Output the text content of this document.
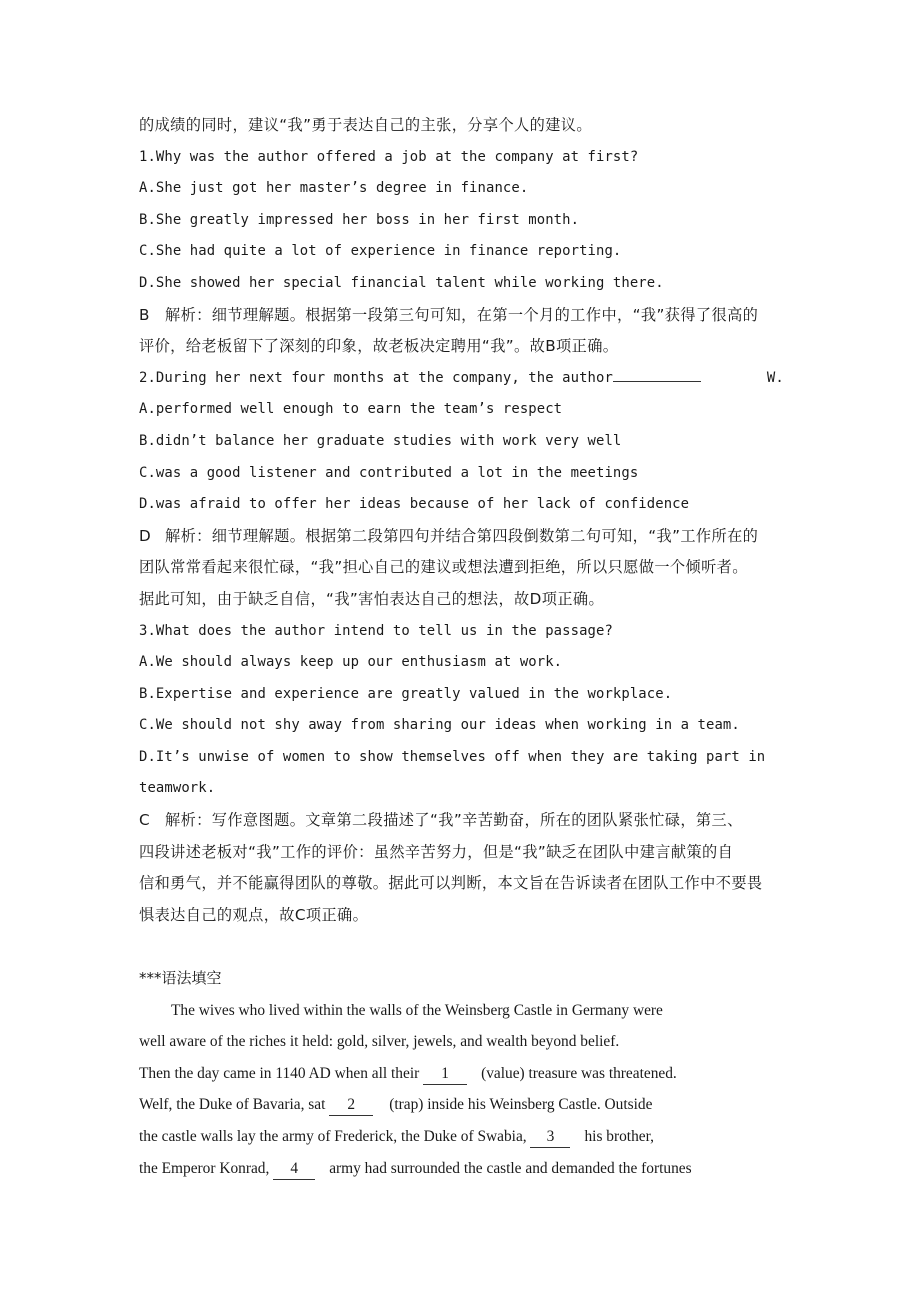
的成绩的同时，建议“我”勇于表达自己的主张，分享个人的建议。
1.Why was the author offered a job at the company at first?
A.She just got her master’s degree in finance.
B.She greatly impressed her boss in her first month.
C.She had quite a lot of experience in finance reporting.
D.She showed her special financial talent while working there.
B 解析：细节理解题。根据第一段第三句可知，在第一个月的工作中，“我”获得了很高的
评价，给老板留下了深刻的印象，故老板决定聘用“我”。故B项正确。
2.During her next four months at the company, the author	W.
A.performed well enough to earn the team’s respect
B.didn’t balance her graduate studies with work very well
C.was a good listener and contributed a lot in the meetings
D.was afraid to offer her ideas because of her lack of confidence
D 解析：细节理解题。根据第二段第四句并结合第四段倒数第二句可知，“我”工作所在的
团队常常看起来很忙碌，“我”担心自己的建议或想法遭到拒绝，所以只愿做一个倾听者。
据此可知，由于缺乏自信，“我”害怕表达自己的想法，故D项正确。
3.What does the author intend to tell us in the passage?
A.We should always keep up our enthusiasm at work.
B.Expertise and experience are greatly valued in the workplace.
C.We should not shy away from sharing our ideas when working in a team.
D.It’s unwise of women to show themselves off when they are taking part in
teamwork.
C 解析：写作意图题。文章第二段描述了“我”辛苦勤奋，所在的团队紧张忙碌，第三、
四段讲述老板对“我”工作的评价：虽然辛苦努力，但是“我”缺乏在团队中建言献策的自
信和勇气，并不能赢得团队的尊敬。据此可以判断，本文旨在告诉读者在团队工作中不要畏
惧表达自己的观点，故C项正确。
***语法填空
The wives who lived within the walls of the Weinsberg Castle in Germany were
well aware of the riches it held: gold, silver, jewels, and wealth beyond belief.
Then the day came in 1140 AD when all their 1 (value) treasure was threatened.
Welf, the Duke of Bavaria, sat 2 (trap) inside his Weinsberg Castle. Outside
the castle walls lay the army of Frederick, the Duke of Swabia, 3 his brother,
the Emperor Konrad, 4 army had surrounded the castle and demanded the fortunes
